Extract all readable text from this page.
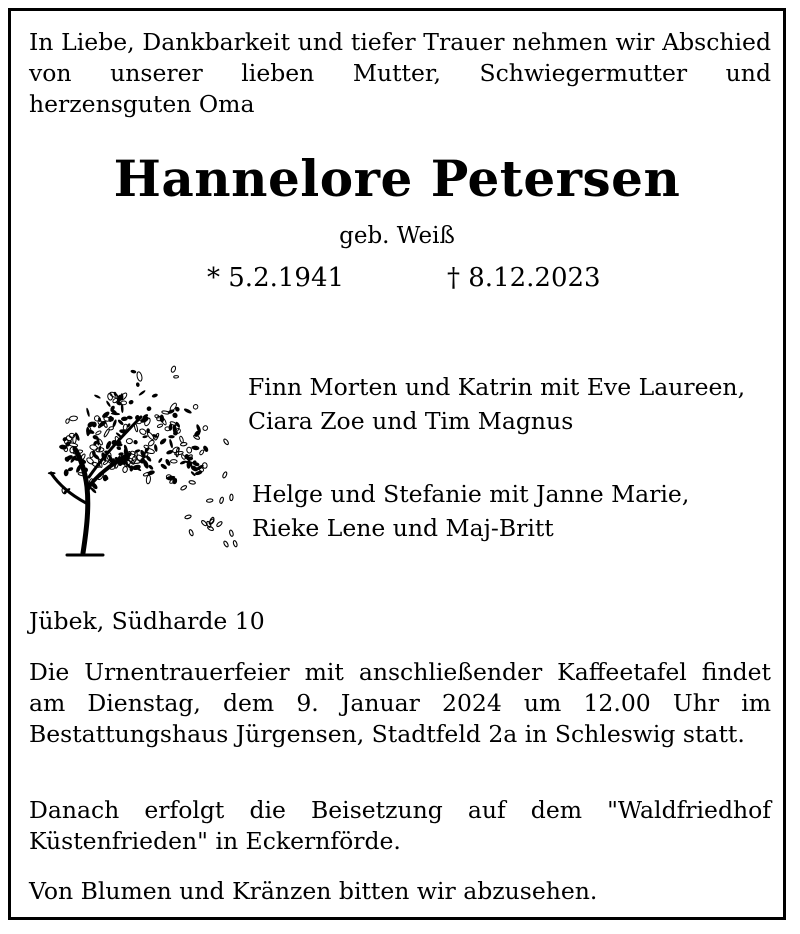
In Liebe, Dankbarkeit und tiefer Trauer nehmen wir Abschied von unserer lieben Mutter, Schwiegermutter und herzensguten Oma
Hannelore Petersen
geb. Weiß
* 5.2.1941	† 8.12.2023
Finn Morten und Katrin mit Eve Laureen,
Ciara Zoe und Tim Magnus
Helge und Stefanie mit Janne Marie,
Rieke Lene und Maj-Britt
Jübek, Südharde 10
Die Urnentrauerfeier mit anschließender Kaffeetafel findet am Dienstag, dem 9. Januar 2024 um 12.00 Uhr im Bestattungshaus Jürgensen, Stadtfeld 2a in Schleswig statt.
Danach erfolgt die Beisetzung auf dem "Waldfriedhof Küstenfrieden" in Eckernförde.
Von Blumen und Kränzen bitten wir abzusehen.
